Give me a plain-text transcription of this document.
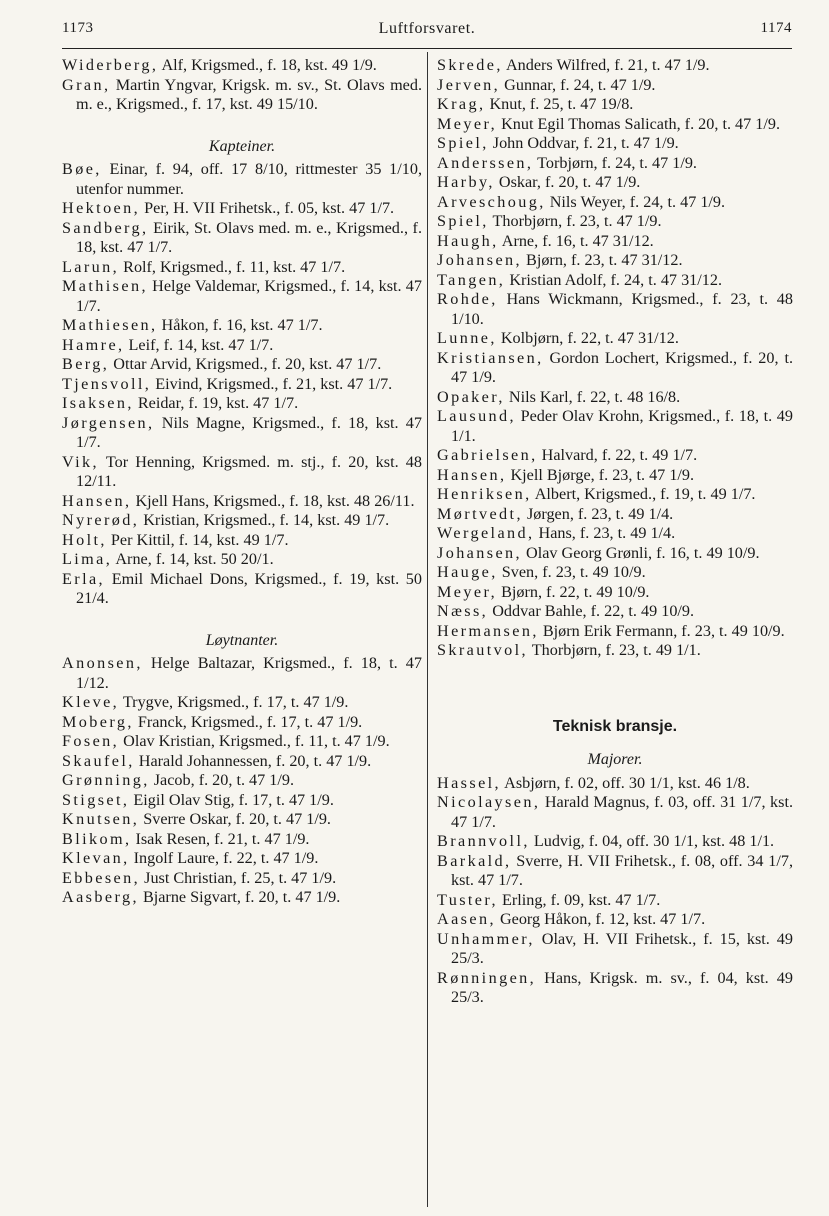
1173	Luftforsvaret.	1174

Widerberg, Alf, Krigsmed., f. 18, kst. 49 1/9.

Gran, Martin Yngvar, Krigsk. m. sv., St. Olavs med. m. e., Krigsmed., f. 17, kst. 49 15/10.

Kapteiner.

Bøe, Einar, f. 94, off. 17 8/10, rittmester 35 1/10, utenfor nummer.

Hektoen, Per, H. VII Frihetsk., f. 05, kst. 47 1/7.

Sandberg, Eirik, St. Olavs med. m. e., Krigsmed., f. 18, kst. 47 1/7.

Larun, Rolf, Krigsmed., f. 11, kst. 47 1/7.

Mathisen, Helge Valdemar, Krigsmed., f. 14, kst. 47 1/7.

Mathiesen, Håkon, f. 16, kst. 47 1/7.

Hamre, Leif, f. 14, kst. 47 1/7.

Berg, Ottar Arvid, Krigsmed., f. 20, kst. 47 1/7.

Tjensvoll, Eivind, Krigsmed., f. 21, kst. 47 1/7.

Isaksen, Reidar, f. 19, kst. 47 1/7.

Jørgensen, Nils Magne, Krigsmed., f. 18, kst. 47 1/7.

Vik, Tor Henning, Krigsmed. m. stj., f. 20, kst. 48 12/11.

Hansen, Kjell Hans, Krigsmed., f. 18, kst. 48 26/11.

Nyrerød, Kristian, Krigsmed., f. 14, kst. 49 1/7.

Holt, Per Kittil, f. 14, kst. 49 1/7.

Lima, Arne, f. 14, kst. 50 20/1.

Erla, Emil Michael Dons, Krigsmed., f. 19, kst. 50 21/4.

Løytnanter.

Anonsen, Helge Baltazar, Krigsmed., f. 18, t. 47 1/12.

Kleve, Trygve, Krigsmed., f. 17, t. 47 1/9.

Moberg, Franck, Krigsmed., f. 17, t. 47 1/9.

Fosen, Olav Kristian, Krigsmed., f. 11, t. 47 1/9.

Skaufel, Harald Johannessen, f. 20, t. 47 1/9.

Grønning, Jacob, f. 20, t. 47 1/9.

Stigset, Eigil Olav Stig, f. 17, t. 47 1/9.

Knutsen, Sverre Oskar, f. 20, t. 47 1/9.

Blikom, Isak Resen, f. 21, t. 47 1/9.

Klevan, Ingolf Laure, f. 22, t. 47 1/9.

Ebbesen, Just Christian, f. 25, t. 47 1/9.

Aasberg, Bjarne Sigvart, f. 20, t. 47 1/9.

Skrede, Anders Wilfred, f. 21, t. 47 1/9.

Jerven, Gunnar, f. 24, t. 47 1/9.

Krag, Knut, f. 25, t. 47 19/8.

Meyer, Knut Egil Thomas Salicath, f. 20, t. 47 1/9.

Spiel, John Oddvar, f. 21, t. 47 1/9.

Anderssen, Torbjørn, f. 24, t. 47 1/9.

Harby, Oskar, f. 20, t. 47 1/9.

Arveschoug, Nils Weyer, f. 24, t. 47 1/9.

Spiel, Thorbjørn, f. 23, t. 47 1/9.

Haugh, Arne, f. 16, t. 47 31/12.

Johansen, Bjørn, f. 23, t. 47 31/12.

Tangen, Kristian Adolf, f. 24, t. 47 31/12.

Rohde, Hans Wickmann, Krigsmed., f. 23, t. 48 1/10.

Lunne, Kolbjørn, f. 22, t. 47 31/12.

Kristiansen, Gordon Lochert, Krigsmed., f. 20, t. 47 1/9.

Opaker, Nils Karl, f. 22, t. 48 16/8.

Lausund, Peder Olav Krohn, Krigsmed., f. 18, t. 49 1/1.

Gabrielsen, Halvard, f. 22, t. 49 1/7.

Hansen, Kjell Bjørge, f. 23, t. 47 1/9.

Henriksen, Albert, Krigsmed., f. 19, t. 49 1/7.

Mørtvedt, Jørgen, f. 23, t. 49 1/4.

Wergeland, Hans, f. 23, t. 49 1/4.

Johansen, Olav Georg Grønli, f. 16, t. 49 10/9.

Hauge, Sven, f. 23, t. 49 10/9.

Meyer, Bjørn, f. 22, t. 49 10/9.

Næss, Oddvar Bahle, f. 22, t. 49 10/9.

Hermansen, Bjørn Erik Fermann, f. 23, t. 49 10/9.

Skrautvol, Thorbjørn, f. 23, t. 49 1/1.

Teknisk bransje.

Majorer.

Hassel, Asbjørn, f. 02, off. 30 1/1, kst. 46 1/8.

Nicolaysen, Harald Magnus, f. 03, off. 31 1/7, kst. 47 1/7.

Brannvoll, Ludvig, f. 04, off. 30 1/1, kst. 48 1/1.

Barkald, Sverre, H. VII Frihetsk., f. 08, off. 34 1/7, kst. 47 1/7.

Tuster, Erling, f. 09, kst. 47 1/7.

Aasen, Georg Håkon, f. 12, kst. 47 1/7.

Unhammer, Olav, H. VII Frihetsk., f. 15, kst. 49 25/3.

Rønningen, Hans, Krigsk. m. sv., f. 04, kst. 49 25/3.
